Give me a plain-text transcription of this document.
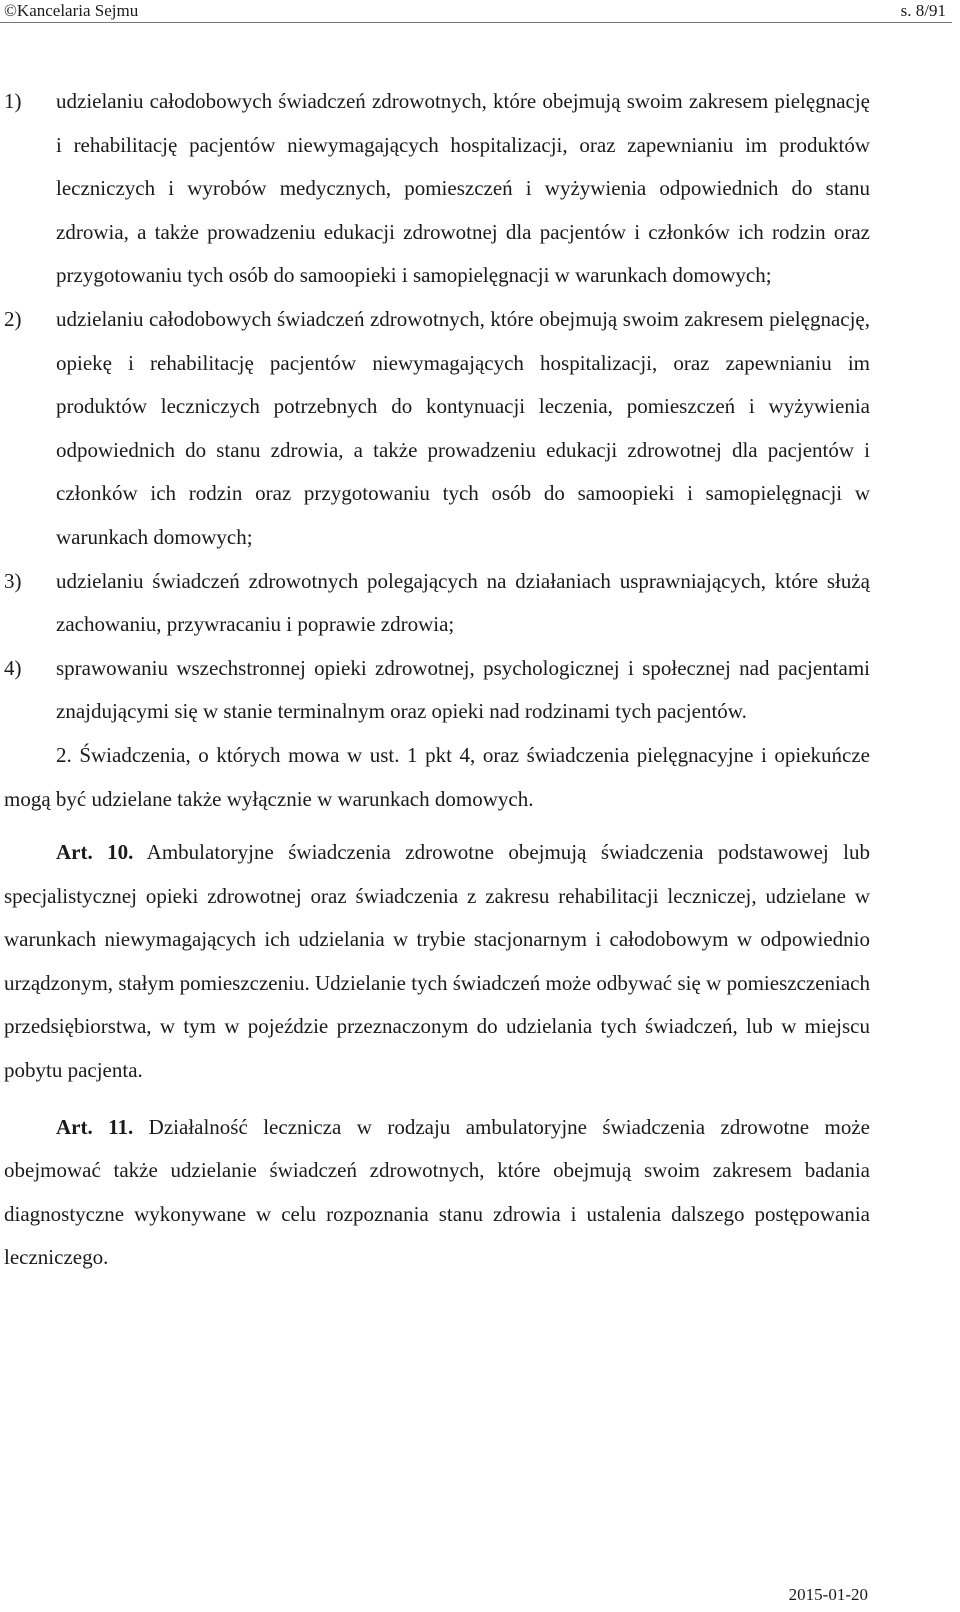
©Kancelaria Sejmu	s. 8/91
1) udzielaniu całodobowych świadczeń zdrowotnych, które obejmują swoim zakresem pielęgnację i rehabilitację pacjentów niewymagających hospitalizacji, oraz zapewnianiu im produktów leczniczych i wyrobów medycznych, pomieszczeń i wyżywienia odpowiednich do stanu zdrowia, a także prowadzeniu edukacji zdrowotnej dla pacjentów i członków ich rodzin oraz przygotowaniu tych osób do samoopieki i samopielęgnacji w warunkach domowych;
2) udzielaniu całodobowych świadczeń zdrowotnych, które obejmują swoim zakresem pielęgnację, opiekę i rehabilitację pacjentów niewymagających hospitalizacji, oraz zapewnianiu im produktów leczniczych potrzebnych do kontynuacji leczenia, pomieszczeń i wyżywienia odpowiednich do stanu zdrowia, a także prowadzeniu edukacji zdrowotnej dla pacjentów i członków ich rodzin oraz przygotowaniu tych osób do samoopieki i samopielęgnacji w warunkach domowych;
3) udzielaniu świadczeń zdrowotnych polegających na działaniach usprawniających, które służą zachowaniu, przywracaniu i poprawie zdrowia;
4) sprawowaniu wszechstronnej opieki zdrowotnej, psychologicznej i społecznej nad pacjentami znajdującymi się w stanie terminalnym oraz opieki nad rodzinami tych pacjentów.
2. Świadczenia, o których mowa w ust. 1 pkt 4, oraz świadczenia pielęgnacyjne i opiekuńcze mogą być udzielane także wyłącznie w warunkach domowych.
Art. 10. Ambulatoryjne świadczenia zdrowotne obejmują świadczenia podstawowej lub specjalistycznej opieki zdrowotnej oraz świadczenia z zakresu rehabilitacji leczniczej, udzielane w warunkach niewymagających ich udzielania w trybie stacjonarnym i całodobowym w odpowiednio urządzonym, stałym pomieszczeniu. Udzielanie tych świadczeń może odbywać się w pomieszczeniach przedsiębiorstwa, w tym w pojeździe przeznaczonym do udzielania tych świadczeń, lub w miejscu pobytu pacjenta.
Art. 11. Działalność lecznicza w rodzaju ambulatoryjne świadczenia zdrowotne może obejmować także udzielanie świadczeń zdrowotnych, które obejmują swoim zakresem badania diagnostyczne wykonywane w celu rozpoznania stanu zdrowia i ustalenia dalszego postępowania leczniczego.
2015-01-20
